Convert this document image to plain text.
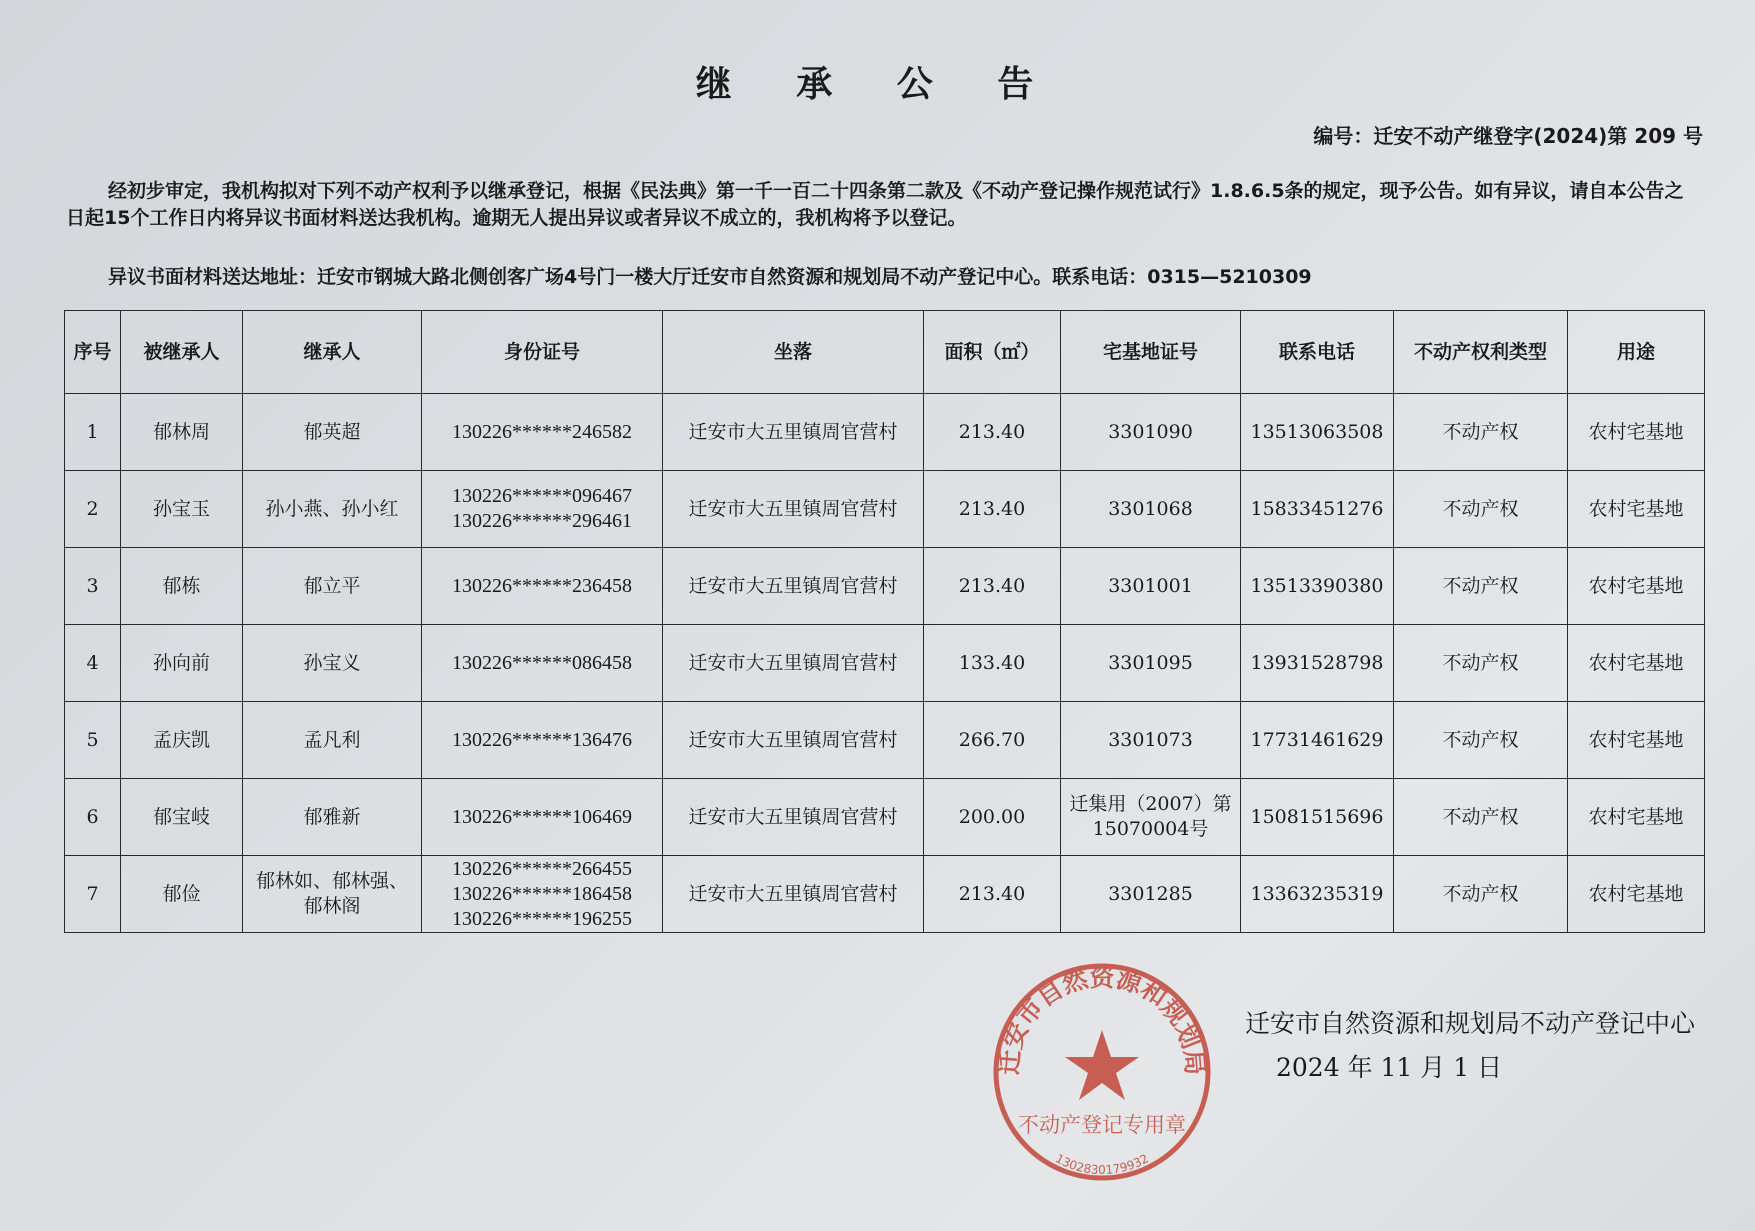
继 承 公 告
编号：迁安不动产继登字(2024)第 209 号
经初步审定，我机构拟对下列不动产权利予以继承登记，根据《民法典》第一千一百二十四条第二款及《不动产登记操作规范试行》1.8.6.5条的规定，现予公告。如有异议，请自本公告之日起15个工作日内将异议书面材料送达我机构。逾期无人提出异议或者异议不成立的，我机构将予以登记。
异议书面材料送达地址：迁安市钢城大路北侧创客广场4号门一楼大厅迁安市自然资源和规划局不动产登记中心。联系电话：0315—5210309
序号	被继承人	继承人	身份证号	坐落	面积（㎡）	宅基地证号	联系电话	不动产权利类型	用途
1	郁林周	郁英超	130226******246582	迁安市大五里镇周官营村	213.40	3301090	13513063508	不动产权	农村宅基地
2	孙宝玉	孙小燕、孙小红	130226******096467
130226******296461	迁安市大五里镇周官营村	213.40	3301068	15833451276	不动产权	农村宅基地
3	郁栋	郁立平	130226******236458	迁安市大五里镇周官营村	213.40	3301001	13513390380	不动产权	农村宅基地
4	孙向前	孙宝义	130226******086458	迁安市大五里镇周官营村	133.40	3301095	13931528798	不动产权	农村宅基地
5	孟庆凯	孟凡利	130226******136476	迁安市大五里镇周官营村	266.70	3301073	17731461629	不动产权	农村宅基地
6	郁宝岐	郁雅新	130226******106469	迁安市大五里镇周官营村	200.00	迁集用（2007）第15070004号	15081515696	不动产权	农村宅基地
7	郁俭	郁林如、郁林强、郁林阁	130226******266455
130226******186458
130226******196255	迁安市大五里镇周官营村	213.40	3301285	13363235319	不动产权	农村宅基地
迁安市自然资源和规划局不动产登记中心
2024 年 11 月 1 日
迁安市自然资源和规划局
不动产登记专用章
1302830179932
